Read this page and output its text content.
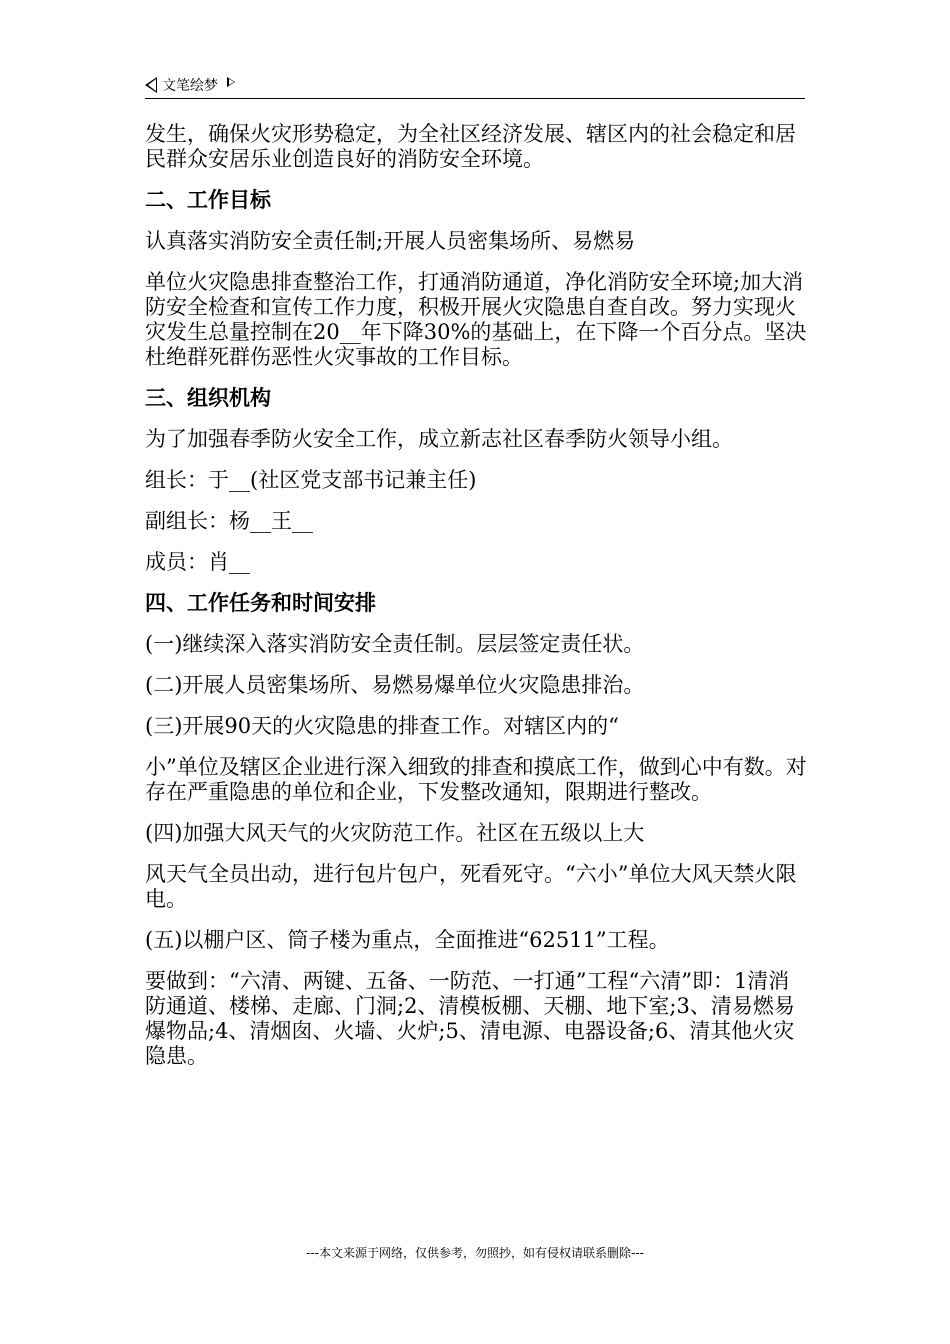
文笔绘梦

发生，确保火灾形势稳定，为全社区经济发展、辖区内的社会稳定和居民群众安居乐业创造良好的消防安全环境。

二、工作目标

认真落实消防安全责任制;开展人员密集场所、易燃易

单位火灾隐患排查整治工作，打通消防通道，净化消防安全环境;加大消防安全检查和宣传工作力度，积极开展火灾隐患自查自改。努力实现火灾发生总量控制在20__年下降30%的基础上，在下降一个百分点。坚决杜绝群死群伤恶性火灾事故的工作目标。

三、组织机构

为了加强春季防火安全工作，成立新志社区春季防火领导小组。

组长：于__(社区党支部书记兼主任)

副组长：杨__王__

成员：肖__

四、工作任务和时间安排

(一)继续深入落实消防安全责任制。层层签定责任状。

(二)开展人员密集场所、易燃易爆单位火灾隐患排治。

(三)开展90天的火灾隐患的排查工作。对辖区内的“

小”单位及辖区企业进行深入细致的排查和摸底工作，做到心中有数。对存在严重隐患的单位和企业，下发整改通知，限期进行整改。

(四)加强大风天气的火灾防范工作。社区在五级以上大

风天气全员出动，进行包片包户，死看死守。“六小”单位大风天禁火限电。

(五)以棚户区、筒子楼为重点，全面推进“62511”工程。

要做到：“六清、两键、五备、一防范、一打通”工程“六清”即：1清消防通道、楼梯、走廊、门洞;2、清模板棚、天棚、地下室;3、清易燃易爆物品;4、清烟囱、火墙、火炉;5、清电源、电器设备;6、清其他火灾隐患。

---本文来源于网络，仅供参考，勿照抄，如有侵权请联系删除---
